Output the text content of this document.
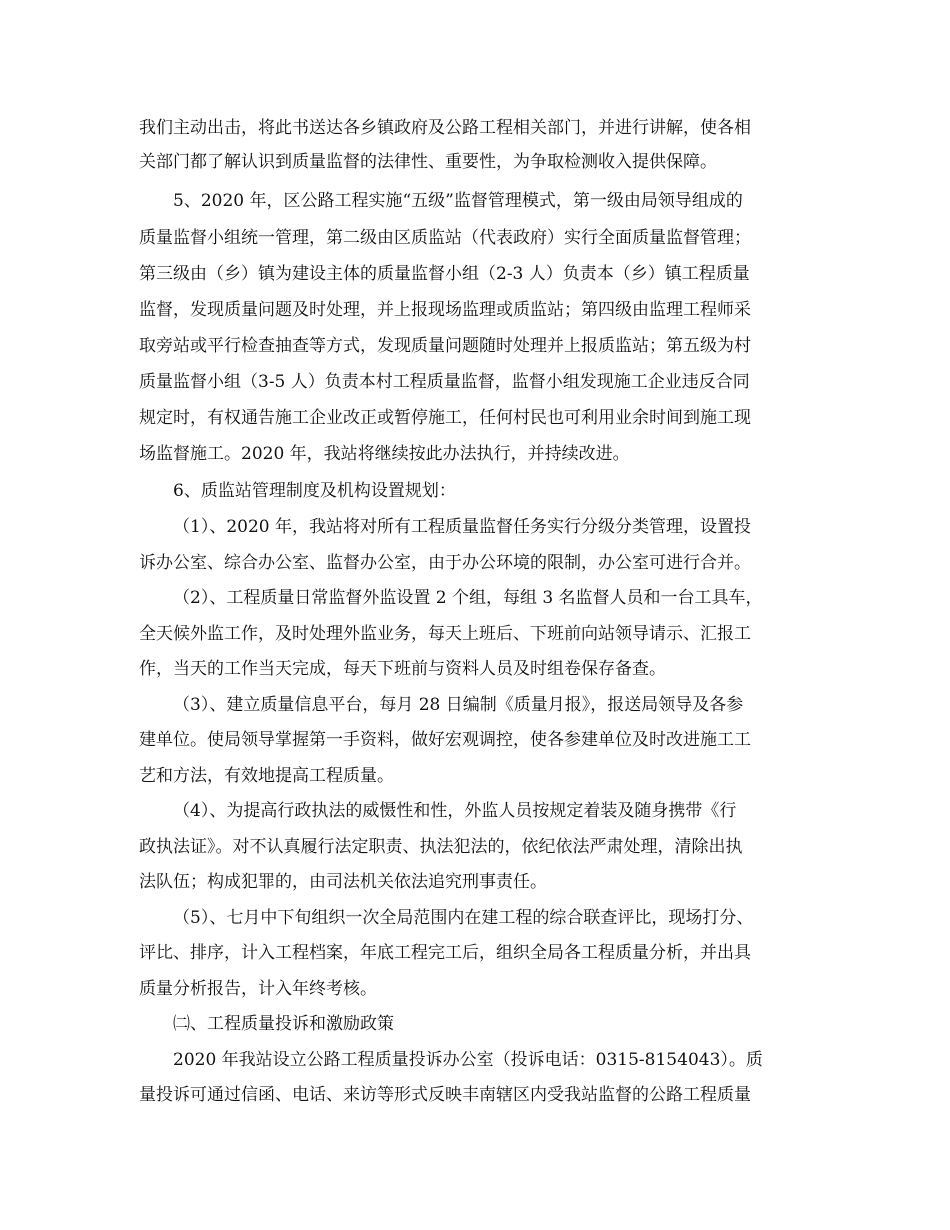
我们主动出击，将此书送达各乡镇政府及公路工程相关部门，并进行讲解，使各相
关部门都了解认识到质量监督的法律性、重要性，为争取检测收入提供保障。
5、2020 年，区公路工程实施“五级”监督管理模式，第一级由局领导组成的
质量监督小组统一管理，第二级由区质监站（代表政府）实行全面质量监督管理；
第三级由（乡）镇为建设主体的质量监督小组（2-3 人）负责本（乡）镇工程质量
监督，发现质量问题及时处理，并上报现场监理或质监站；第四级由监理工程师采
取旁站或平行检查抽查等方式，发现质量问题随时处理并上报质监站；第五级为村
质量监督小组（3-5 人）负责本村工程质量监督，监督小组发现施工企业违反合同
规定时，有权通告施工企业改正或暂停施工，任何村民也可利用业余时间到施工现
场监督施工。2020 年，我站将继续按此办法执行，并持续改进。
6、质监站管理制度及机构设置规划：
（1）、2020 年，我站将对所有工程质量监督任务实行分级分类管理，设置投
诉办公室、综合办公室、监督办公室，由于办公环境的限制，办公室可进行合并。
（2）、工程质量日常监督外监设置 2 个组，每组 3 名监督人员和一台工具车，
全天候外监工作，及时处理外监业务，每天上班后、下班前向站领导请示、汇报工
作，当天的工作当天完成，每天下班前与资料人员及时组卷保存备查。
（3）、建立质量信息平台，每月 28 日编制《质量月报》，报送局领导及各参
建单位。使局领导掌握第一手资料，做好宏观调控，使各参建单位及时改进施工工
艺和方法，有效地提高工程质量。
（4）、为提高行政执法的威慑性和性，外监人员按规定着装及随身携带《行
政执法证》。对不认真履行法定职责、执法犯法的，依纪依法严肃处理，清除出执
法队伍；构成犯罪的，由司法机关依法追究刑事责任。
（5）、七月中下旬组织一次全局范围内在建工程的综合联查评比，现场打分、
评比、排序，计入工程档案，年底工程完工后，组织全局各工程质量分析，并出具
质量分析报告，计入年终考核。
㈡、工程质量投诉和激励政策
2020 年我站设立公路工程质量投诉办公室（投诉电话：0315-8154043）。质
量投诉可通过信函、电话、来访等形式反映丰南辖区内受我站监督的公路工程质量
